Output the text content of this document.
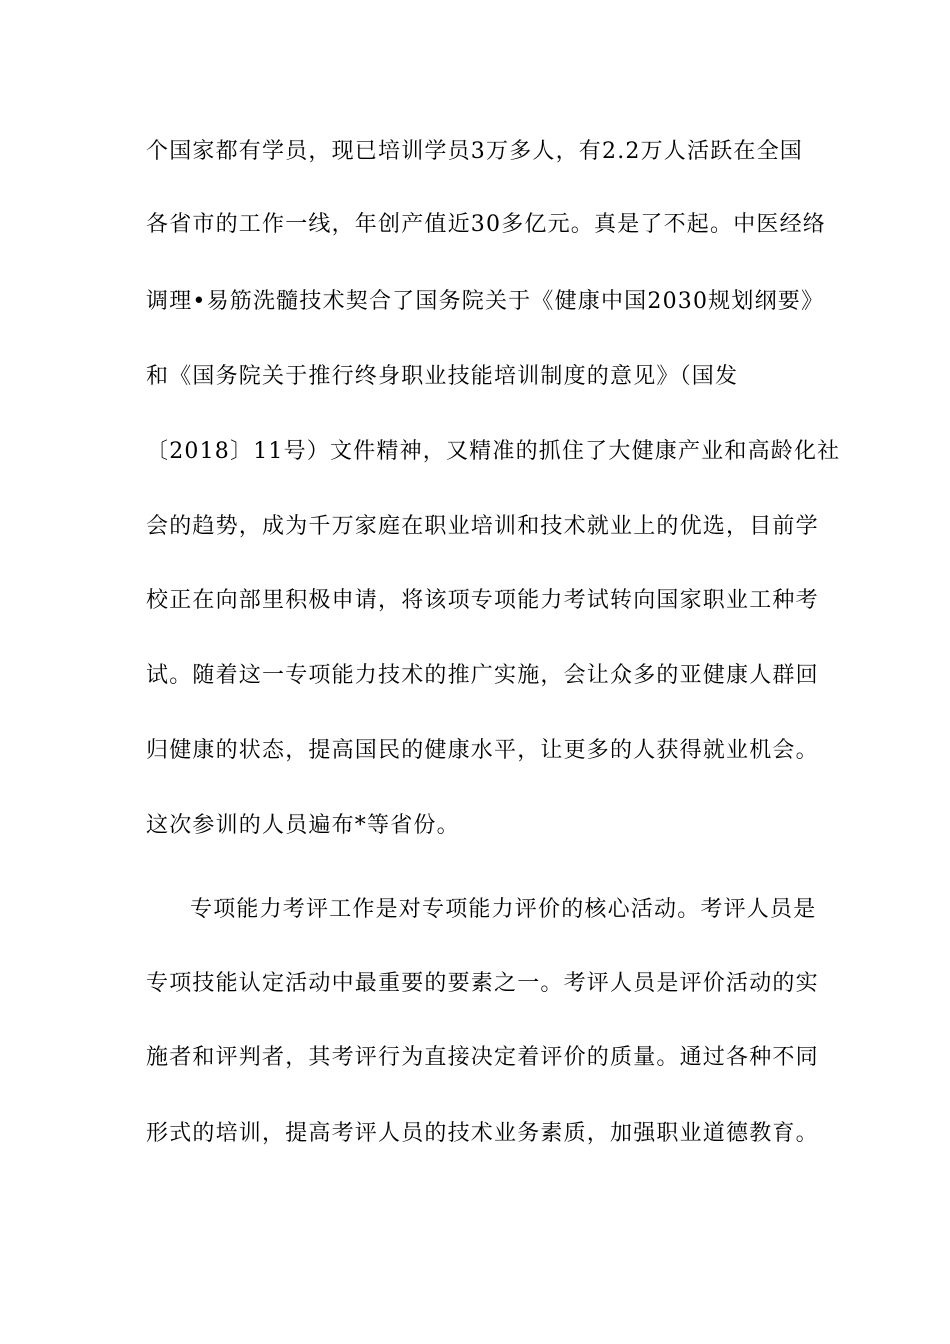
个国家都有学员，现已培训学员3万多人，有2.2万人活跃在全国
各省市的工作一线，年创产值近30多亿元。真是了不起。中医经络
调理•易筋洗髓技术契合了国务院关于《健康中国2030规划纲要》
和《国务院关于推行终身职业技能培训制度的意见》（国发
〔2018〕11号）文件精神，又精准的抓住了大健康产业和高龄化社
会的趋势，成为千万家庭在职业培训和技术就业上的优选，目前学
校正在向部里积极申请，将该项专项能力考试转向国家职业工种考
试。随着这一专项能力技术的推广实施，会让众多的亚健康人群回
归健康的状态，提高国民的健康水平，让更多的人获得就业机会。
这次参训的人员遍布*等省份。
专项能力考评工作是对专项能力评价的核心活动。考评人员是
专项技能认定活动中最重要的要素之一。考评人员是评价活动的实
施者和评判者，其考评行为直接决定着评价的质量。通过各种不同
形式的培训，提高考评人员的技术业务素质，加强职业道德教育。
